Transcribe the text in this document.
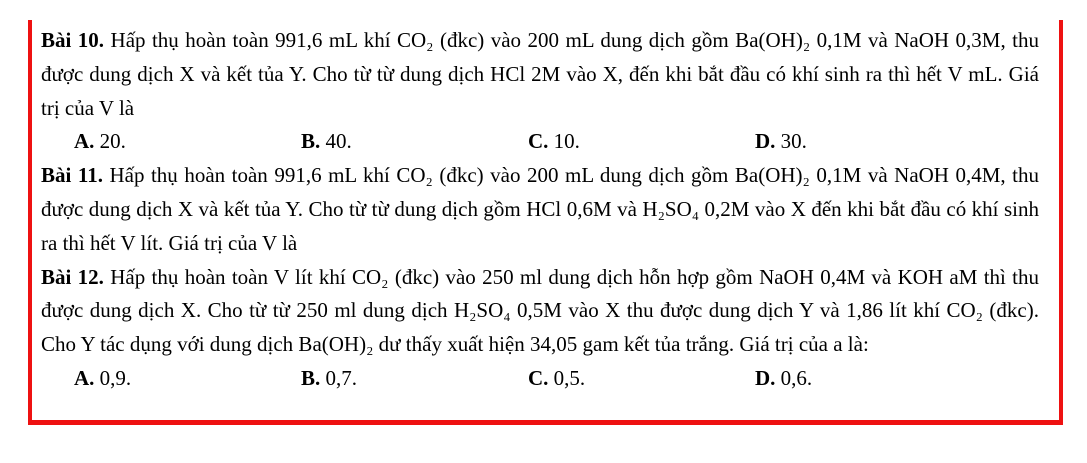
Bài 10. Hấp thụ hoàn toàn 991,6 mL khí CO₂ (đkc) vào 200 mL dung dịch gồm Ba(OH)₂ 0,1M và NaOH 0,3M, thu được dung dịch X và kết tủa Y. Cho từ từ dung dịch HCl 2M vào X, đến khi bắt đầu có khí sinh ra thì hết V mL. Giá trị của V là

A. 20.	B. 40.	C. 10.	D. 30.

Bài 11. Hấp thụ hoàn toàn 991,6 mL khí CO₂ (đkc) vào 200 mL dung dịch gồm Ba(OH)₂ 0,1M và NaOH 0,4M, thu được dung dịch X và kết tủa Y. Cho từ từ dung dịch gồm HCl 0,6M và H₂SO₄ 0,2M vào X đến khi bắt đầu có khí sinh ra thì hết V lít. Giá trị của V là

Bài 12. Hấp thụ hoàn toàn V lít khí CO₂ (đkc) vào 250 ml dung dịch hỗn hợp gồm NaOH 0,4M và KOH aM thì thu được dung dịch X. Cho từ từ 250 ml dung dịch H₂SO₄ 0,5M vào X thu được dung dịch Y và 1,86 lít khí CO₂ (đkc). Cho Y tác dụng với dung dịch Ba(OH)₂ dư thấy xuất hiện 34,05 gam kết tủa trắng. Giá trị của a là:

A. 0,9.	B. 0,7.	C. 0,5.	D. 0,6.
